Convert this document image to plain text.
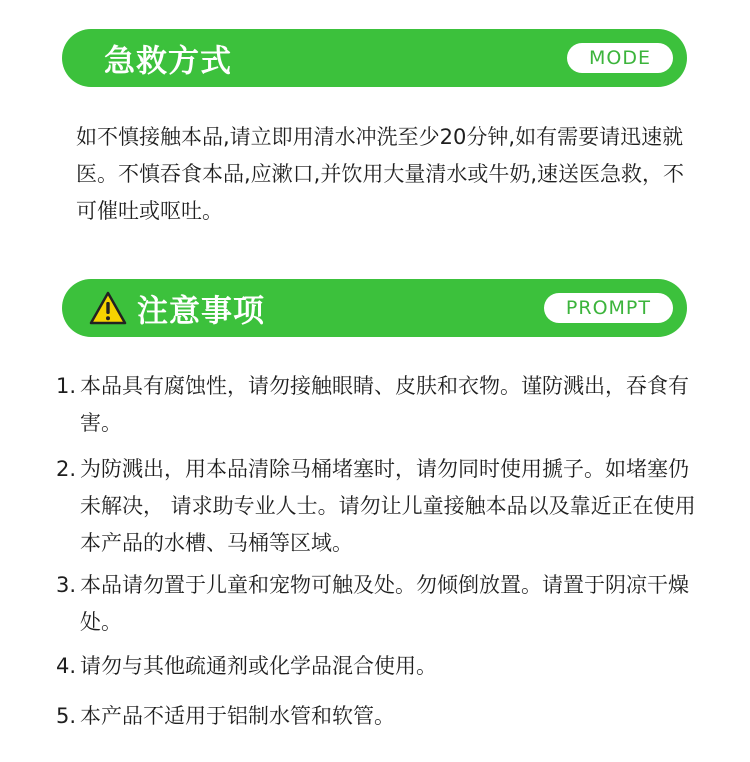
急救方式	MODE

如不慎接触本品,请立即用清水冲洗至少20分钟,如有需要请迅速就医。不慎吞食本品,应漱口,并饮用大量清水或牛奶,速送医急救，不可催吐或呕吐。

注意事项	PROMPT
1. 本品具有腐蚀性，请勿接触眼睛、皮肤和衣物。谨防溅出，吞食有害。
2. 为防溅出，用本品清除马桶堵塞时，请勿同时使用搋子。如堵塞仍未解决， 请求助专业人士。请勿让儿童接触本品以及靠近正在使用本产品的水槽、马桶等区域。
3. 本品请勿置于儿童和宠物可触及处。勿倾倒放置。请置于阴凉干燥处。
4. 请勿与其他疏通剂或化学品混合使用。
5. 本产品不适用于铝制水管和软管。
